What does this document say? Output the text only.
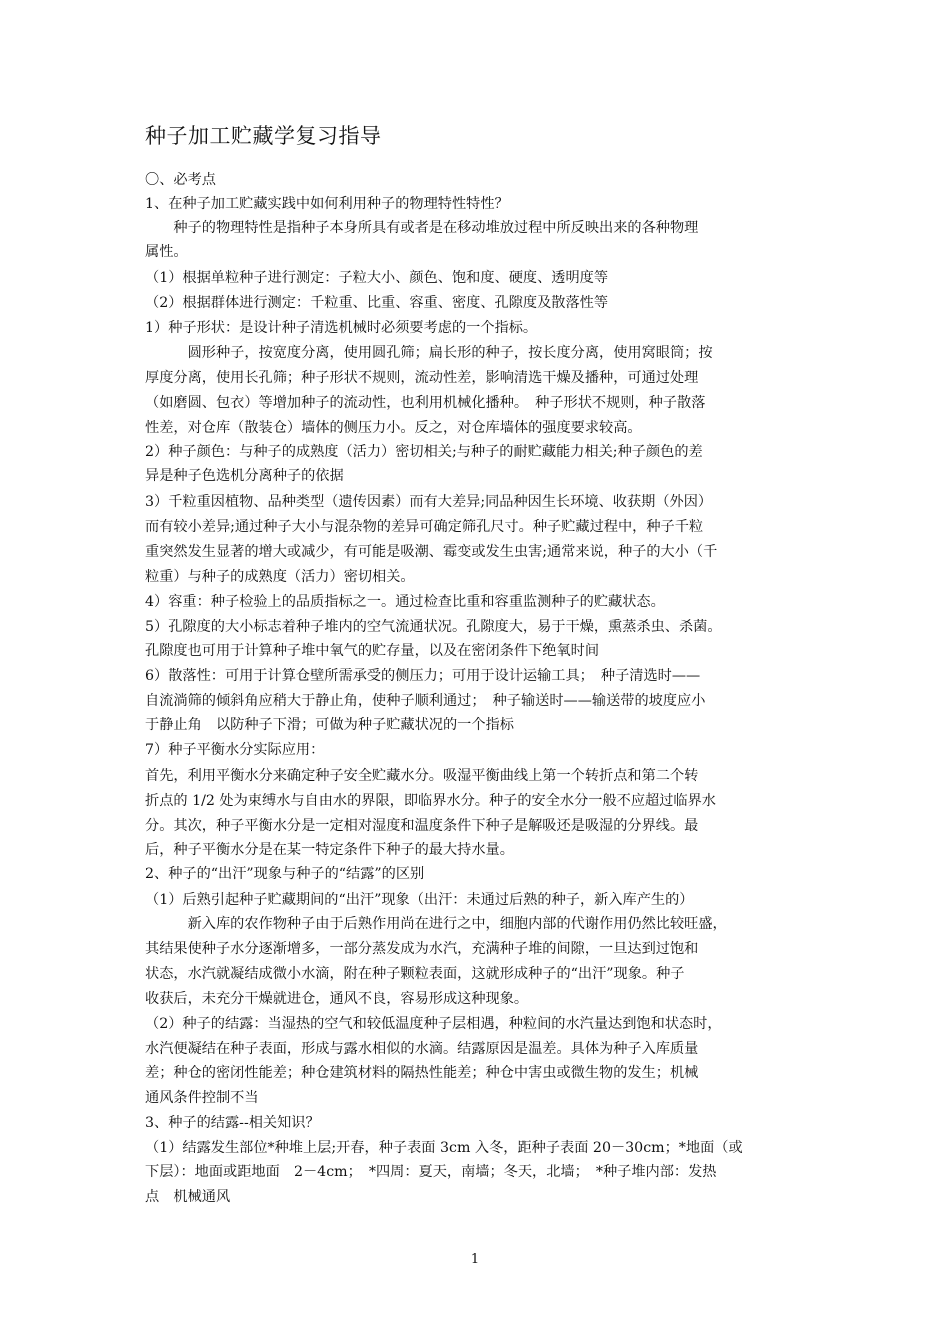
种子加工贮藏学复习指导
〇、必考点
1、在种子加工贮藏实践中如何利用种子的物理特性特性？
　　种子的物理特性是指种子本身所具有或者是在移动堆放过程中所反映出来的各种物理
属性。
（1）根据单粒种子进行测定：子粒大小、颜色、饱和度、硬度、透明度等
（2）根据群体进行测定：千粒重、比重、容重、密度、孔隙度及散落性等
1）种子形状：是设计种子清选机械时必须要考虑的一个指标。
　　　圆形种子，按宽度分离，使用圆孔筛；扁长形的种子，按长度分离，使用窝眼筒；按
厚度分离，使用长孔筛；种子形状不规则，流动性差，影响清选干燥及播种，可通过处理
（如磨圆、包衣）等增加种子的流动性，也利用机械化播种。　种子形状不规则，种子散落
性差，对仓库（散装仓）墙体的侧压力小。反之，对仓库墙体的强度要求较高。
2）种子颜色：与种子的成熟度（活力）密切相关;与种子的耐贮藏能力相关;种子颜色的差
异是种子色选机分离种子的依据
3）千粒重因植物、品种类型（遗传因素）而有大差异;同品种因生长环境、收获期（外因）
而有较小差异;通过种子大小与混杂物的差异可确定筛孔尺寸。种子贮藏过程中，种子千粒
重突然发生显著的增大或减少，有可能是吸潮、霉变或发生虫害;通常来说，种子的大小（千
粒重）与种子的成熟度（活力）密切相关。
4）容重：种子检验上的品质指标之一。通过检查比重和容重监测种子的贮藏状态。
5）孔隙度的大小标志着种子堆内的空气流通状况。孔隙度大，易于干燥，熏蒸杀虫、杀菌。
孔隙度也可用于计算种子堆中氧气的贮存量，以及在密闭条件下绝氧时间
6）散落性：可用于计算仓壁所需承受的侧压力；可用于设计运输工具；　种子清选时——
自流淌筛的倾斜角应稍大于静止角，使种子顺利通过；　种子输送时——输送带的坡度应小
于静止角　以防种子下滑；可做为种子贮藏状况的一个指标
7）种子平衡水分实际应用：
首先，利用平衡水分来确定种子安全贮藏水分。吸湿平衡曲线上第一个转折点和第二个转
折点的 1/2 处为束缚水与自由水的界限，即临界水分。种子的安全水分一般不应超过临界水
分。其次，种子平衡水分是一定相对湿度和温度条件下种子是解吸还是吸湿的分界线。最
后，种子平衡水分是在某一特定条件下种子的最大持水量。
2、种子的“出汗”现象与种子的“结露”的区别
（1）后熟引起种子贮藏期间的“出汗”现象（出汗：未通过后熟的种子，新入库产生的）
　　　新入库的农作物种子由于后熟作用尚在进行之中，细胞内部的代谢作用仍然比较旺盛，
其结果使种子水分逐渐增多，一部分蒸发成为水汽，充满种子堆的间隙，一旦达到过饱和
状态，水汽就凝结成微小水滴，附在种子颗粒表面，这就形成种子的“出汗”现象。种子
收获后，未充分干燥就进仓，通风不良，容易形成这种现象。
（2）种子的结露：当湿热的空气和较低温度种子层相遇，种粒间的水汽量达到饱和状态时，
水汽便凝结在种子表面，形成与露水相似的水滴。结露原因是温差。具体为种子入库质量
差；种仓的密闭性能差；种仓建筑材料的隔热性能差；种仓中害虫或微生物的发生；机械
通风条件控制不当
3、种子的结露--相关知识？
（1）结露发生部位*种堆上层;开春，种子表面 3cm 入冬，距种子表面 20－30cm；*地面（或
下层）：地面或距地面　2－4cm；　*四周：夏天，南墙；冬天，北墙；　*种子堆内部：发热
点　机械通风
1
